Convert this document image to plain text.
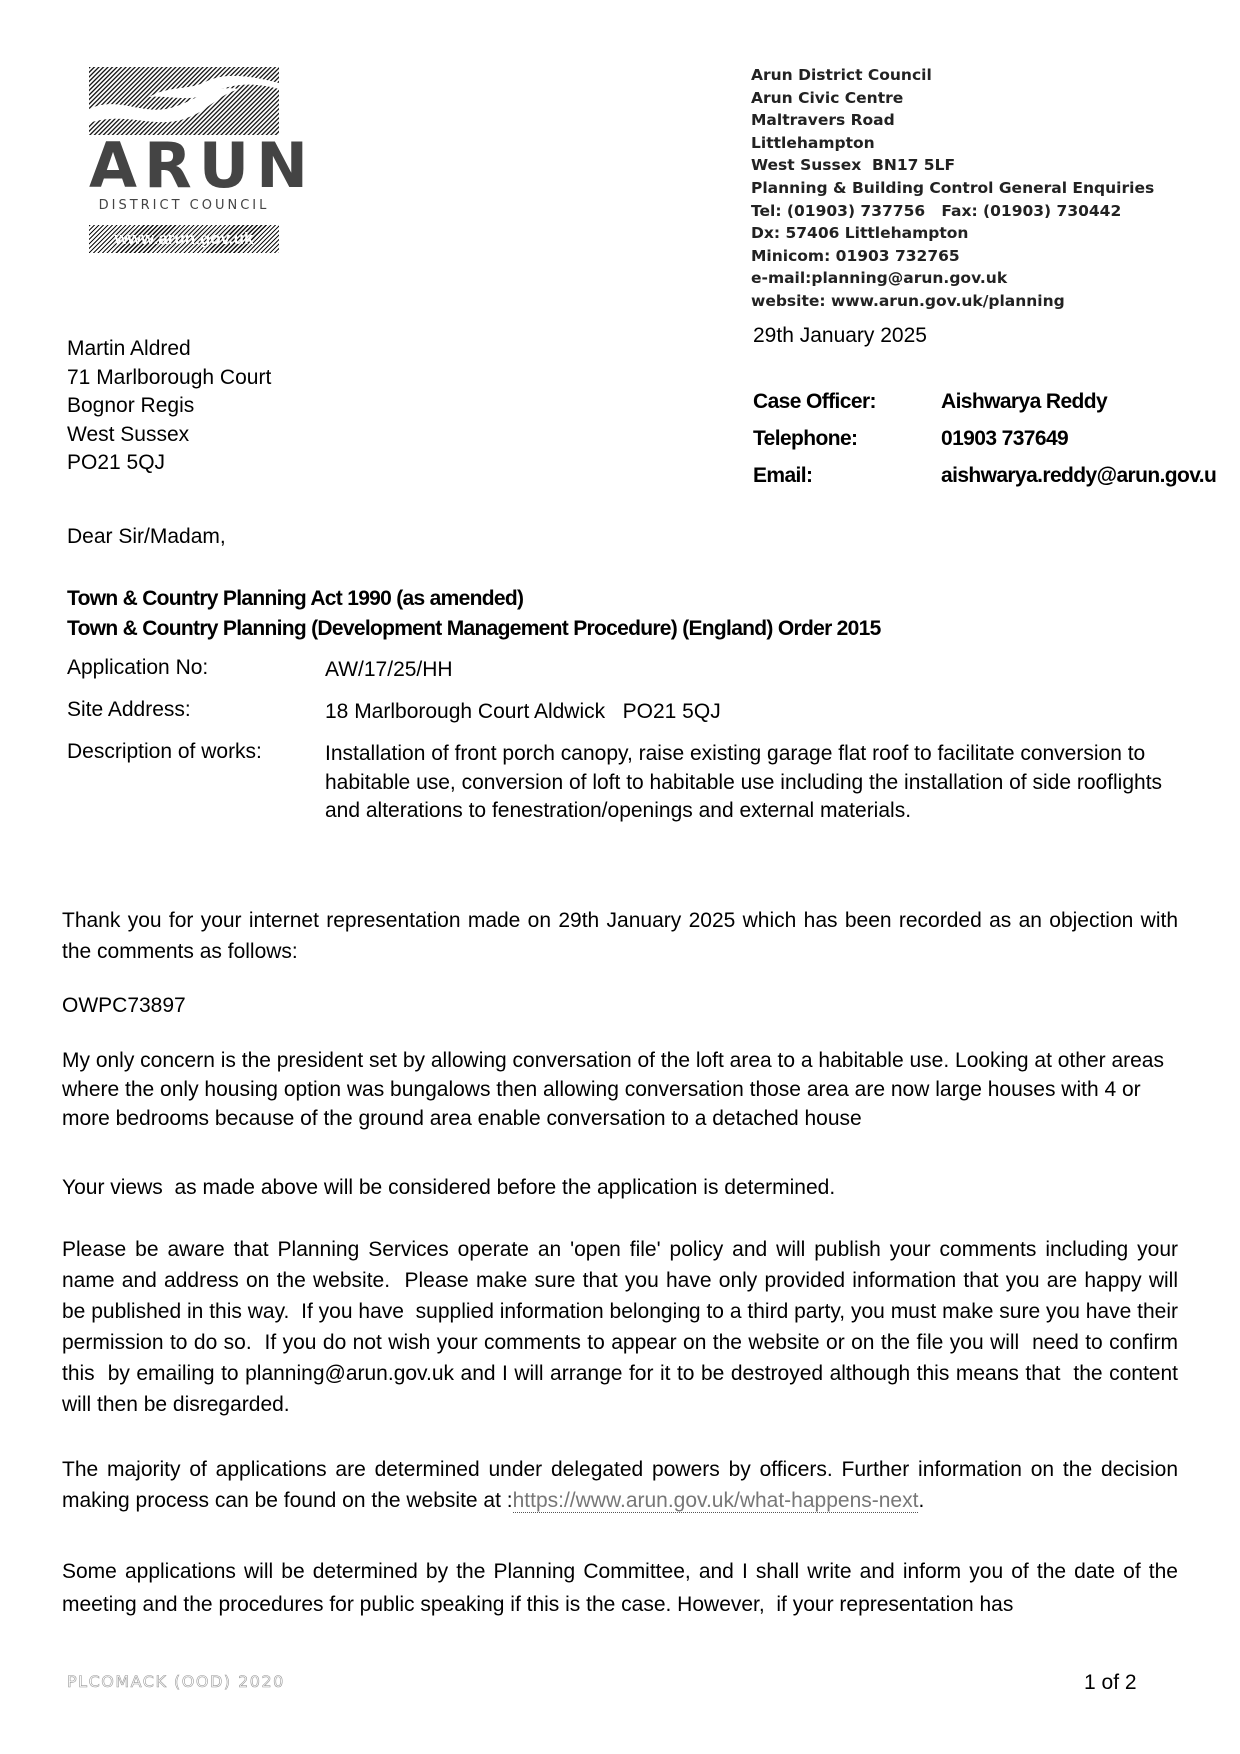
ARUN
DISTRICT COUNCIL
www.arun.gov.uk
Arun District Council
Arun Civic Centre
Maltravers Road
Littlehampton
West Sussex  BN17 5LF
Planning & Building Control General Enquiries
Tel: (01903) 737756   Fax: (01903) 730442
Dx: 57406 Littlehampton
Minicom: 01903 732765
e-mail:planning@arun.gov.uk
website: www.arun.gov.uk/planning
29th January 2025
Martin Aldred
71 Marlborough Court
Bognor Regis
West Sussex
PO21 5QJ
Case Officer:	Aishwarya Reddy
Telephone:	01903 737649
Email:	aishwarya.reddy@arun.gov.u
Dear Sir/Madam,
Town & Country Planning Act 1990 (as amended)
Town & Country Planning (Development Management Procedure) (England) Order 2015
Application No:	AW/17/25/HH
Site Address:	18 Marlborough Court Aldwick   PO21 5QJ
Description of works:	Installation of front porch canopy, raise existing garage flat roof to facilitate conversion to habitable use, conversion of loft to habitable use including the installation of side rooflights and alterations to fenestration/openings and external materials.

Thank you for your internet representation made on 29th January 2025 which has been recorded as an objection with the comments as follows:

OWPC73897

My only concern is the president set by allowing conversation of the loft area to a habitable use. Looking at other areas where the only housing option was bungalows then allowing conversation those area are now large houses with 4 or more bedrooms because of the ground area enable conversation to a detached house

Your views  as made above will be considered before the application is determined.

Please be aware that Planning Services operate an 'open file' policy and will publish your comments including your name and address on the website.  Please make sure that you have only provided information that you are happy will be published in this way.  If you have  supplied information belonging to a third party, you must make sure you have their permission to do so.  If you do not wish your comments to appear on the website or on the file you will  need to confirm this  by emailing to planning@arun.gov.uk and I will arrange for it to be destroyed although this means that  the content will then be disregarded.

The majority of applications are determined under delegated powers by officers. Further information on the decision making process can be found on the website at :https://www.arun.gov.uk/what-happens-next.

Some applications will be determined by the Planning Committee, and I shall write and inform you of the date of the meeting and the procedures for public speaking if this is the case. However,  if your representation has

PLCOMACK (OOD) 2020	1 of 2
